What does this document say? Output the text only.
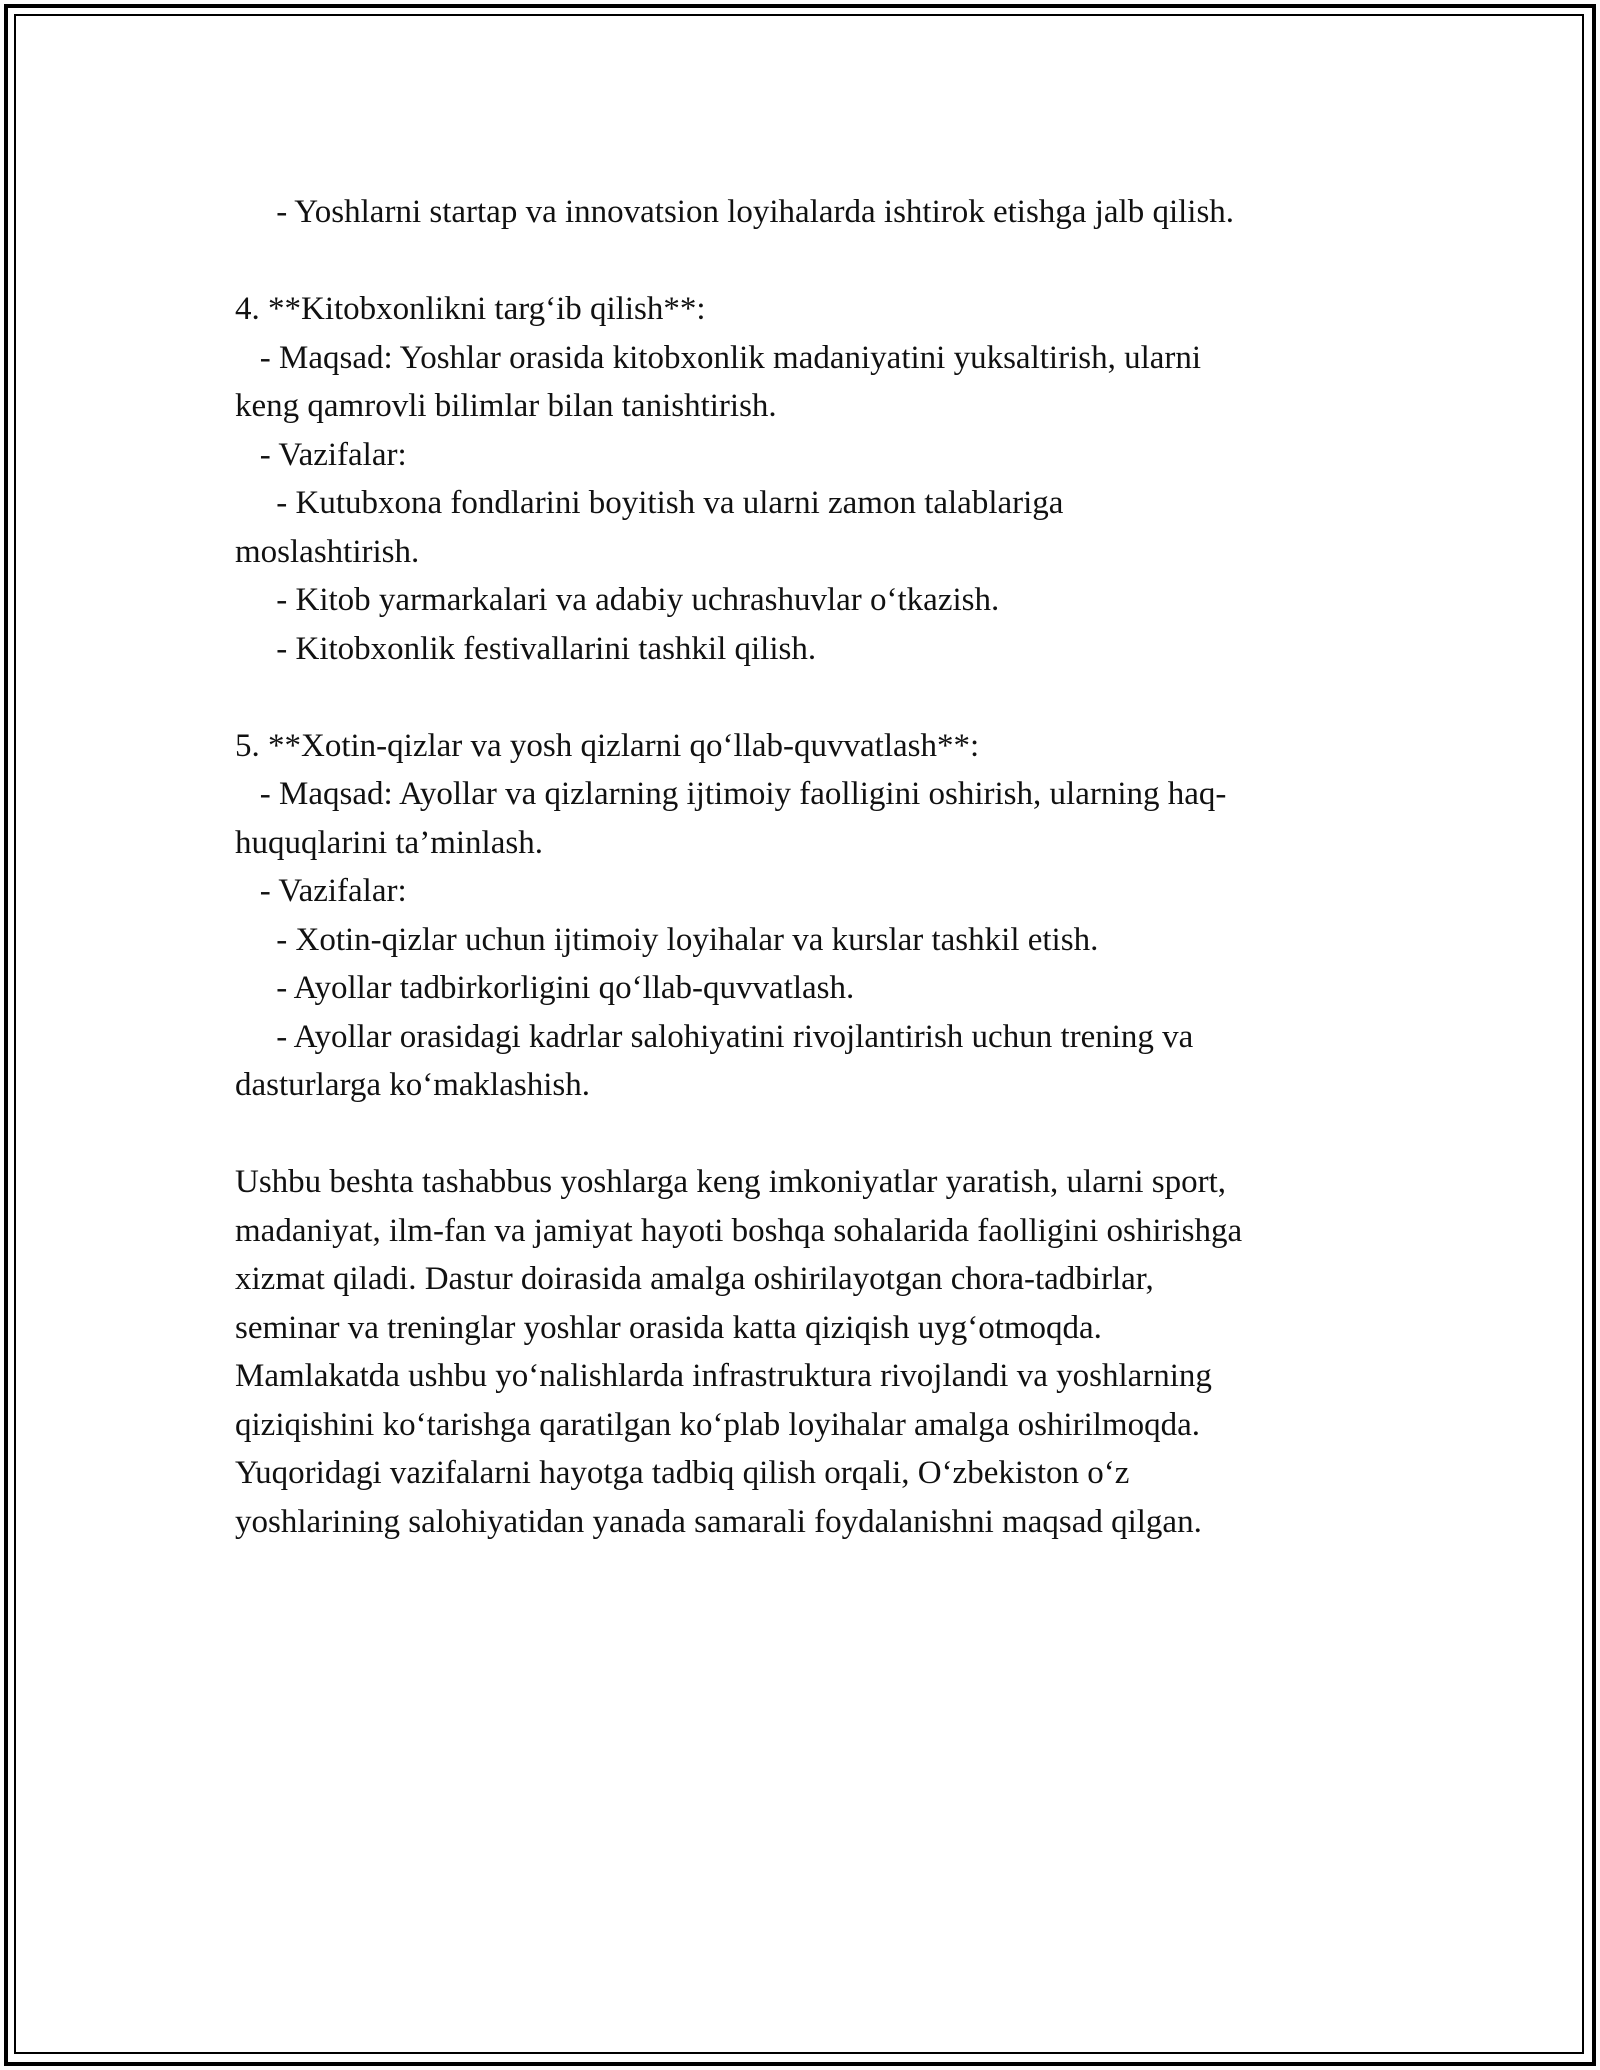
- Yoshlarni startap va innovatsion loyihalarda ishtirok etishga jalb qilish.
4. **Kitobxonlikni targ‘ib qilish**:
- Maqsad: Yoshlar orasida kitobxonlik madaniyatini yuksaltirish, ularni
keng qamrovli bilimlar bilan tanishtirish.
- Vazifalar:
- Kutubxona fondlarini boyitish va ularni zamon talablariga
moslashtirish.
- Kitob yarmarkalari va adabiy uchrashuvlar o‘tkazish.
- Kitobxonlik festivallarini tashkil qilish.
5. **Xotin-qizlar va yosh qizlarni qo‘llab-quvvatlash**:
- Maqsad: Ayollar va qizlarning ijtimoiy faolligini oshirish, ularning haq-
huquqlarini ta’minlash.
- Vazifalar:
- Xotin-qizlar uchun ijtimoiy loyihalar va kurslar tashkil etish.
- Ayollar tadbirkorligini qo‘llab-quvvatlash.
- Ayollar orasidagi kadrlar salohiyatini rivojlantirish uchun trening va
dasturlarga ko‘maklashish.
Ushbu beshta tashabbus yoshlarga keng imkoniyatlar yaratish, ularni sport,
madaniyat, ilm-fan va jamiyat hayoti boshqa sohalarida faolligini oshirishga
xizmat qiladi. Dastur doirasida amalga oshirilayotgan chora-tadbirlar,
seminar va treninglar yoshlar orasida katta qiziqish uyg‘otmoqda.
Mamlakatda ushbu yo‘nalishlarda infrastruktura rivojlandi va yoshlarning
qiziqishini ko‘tarishga qaratilgan ko‘plab loyihalar amalga oshirilmoqda.
Yuqoridagi vazifalarni hayotga tadbiq qilish orqali, O‘zbekiston o‘z
yoshlarining salohiyatidan yanada samarali foydalanishni maqsad qilgan.
